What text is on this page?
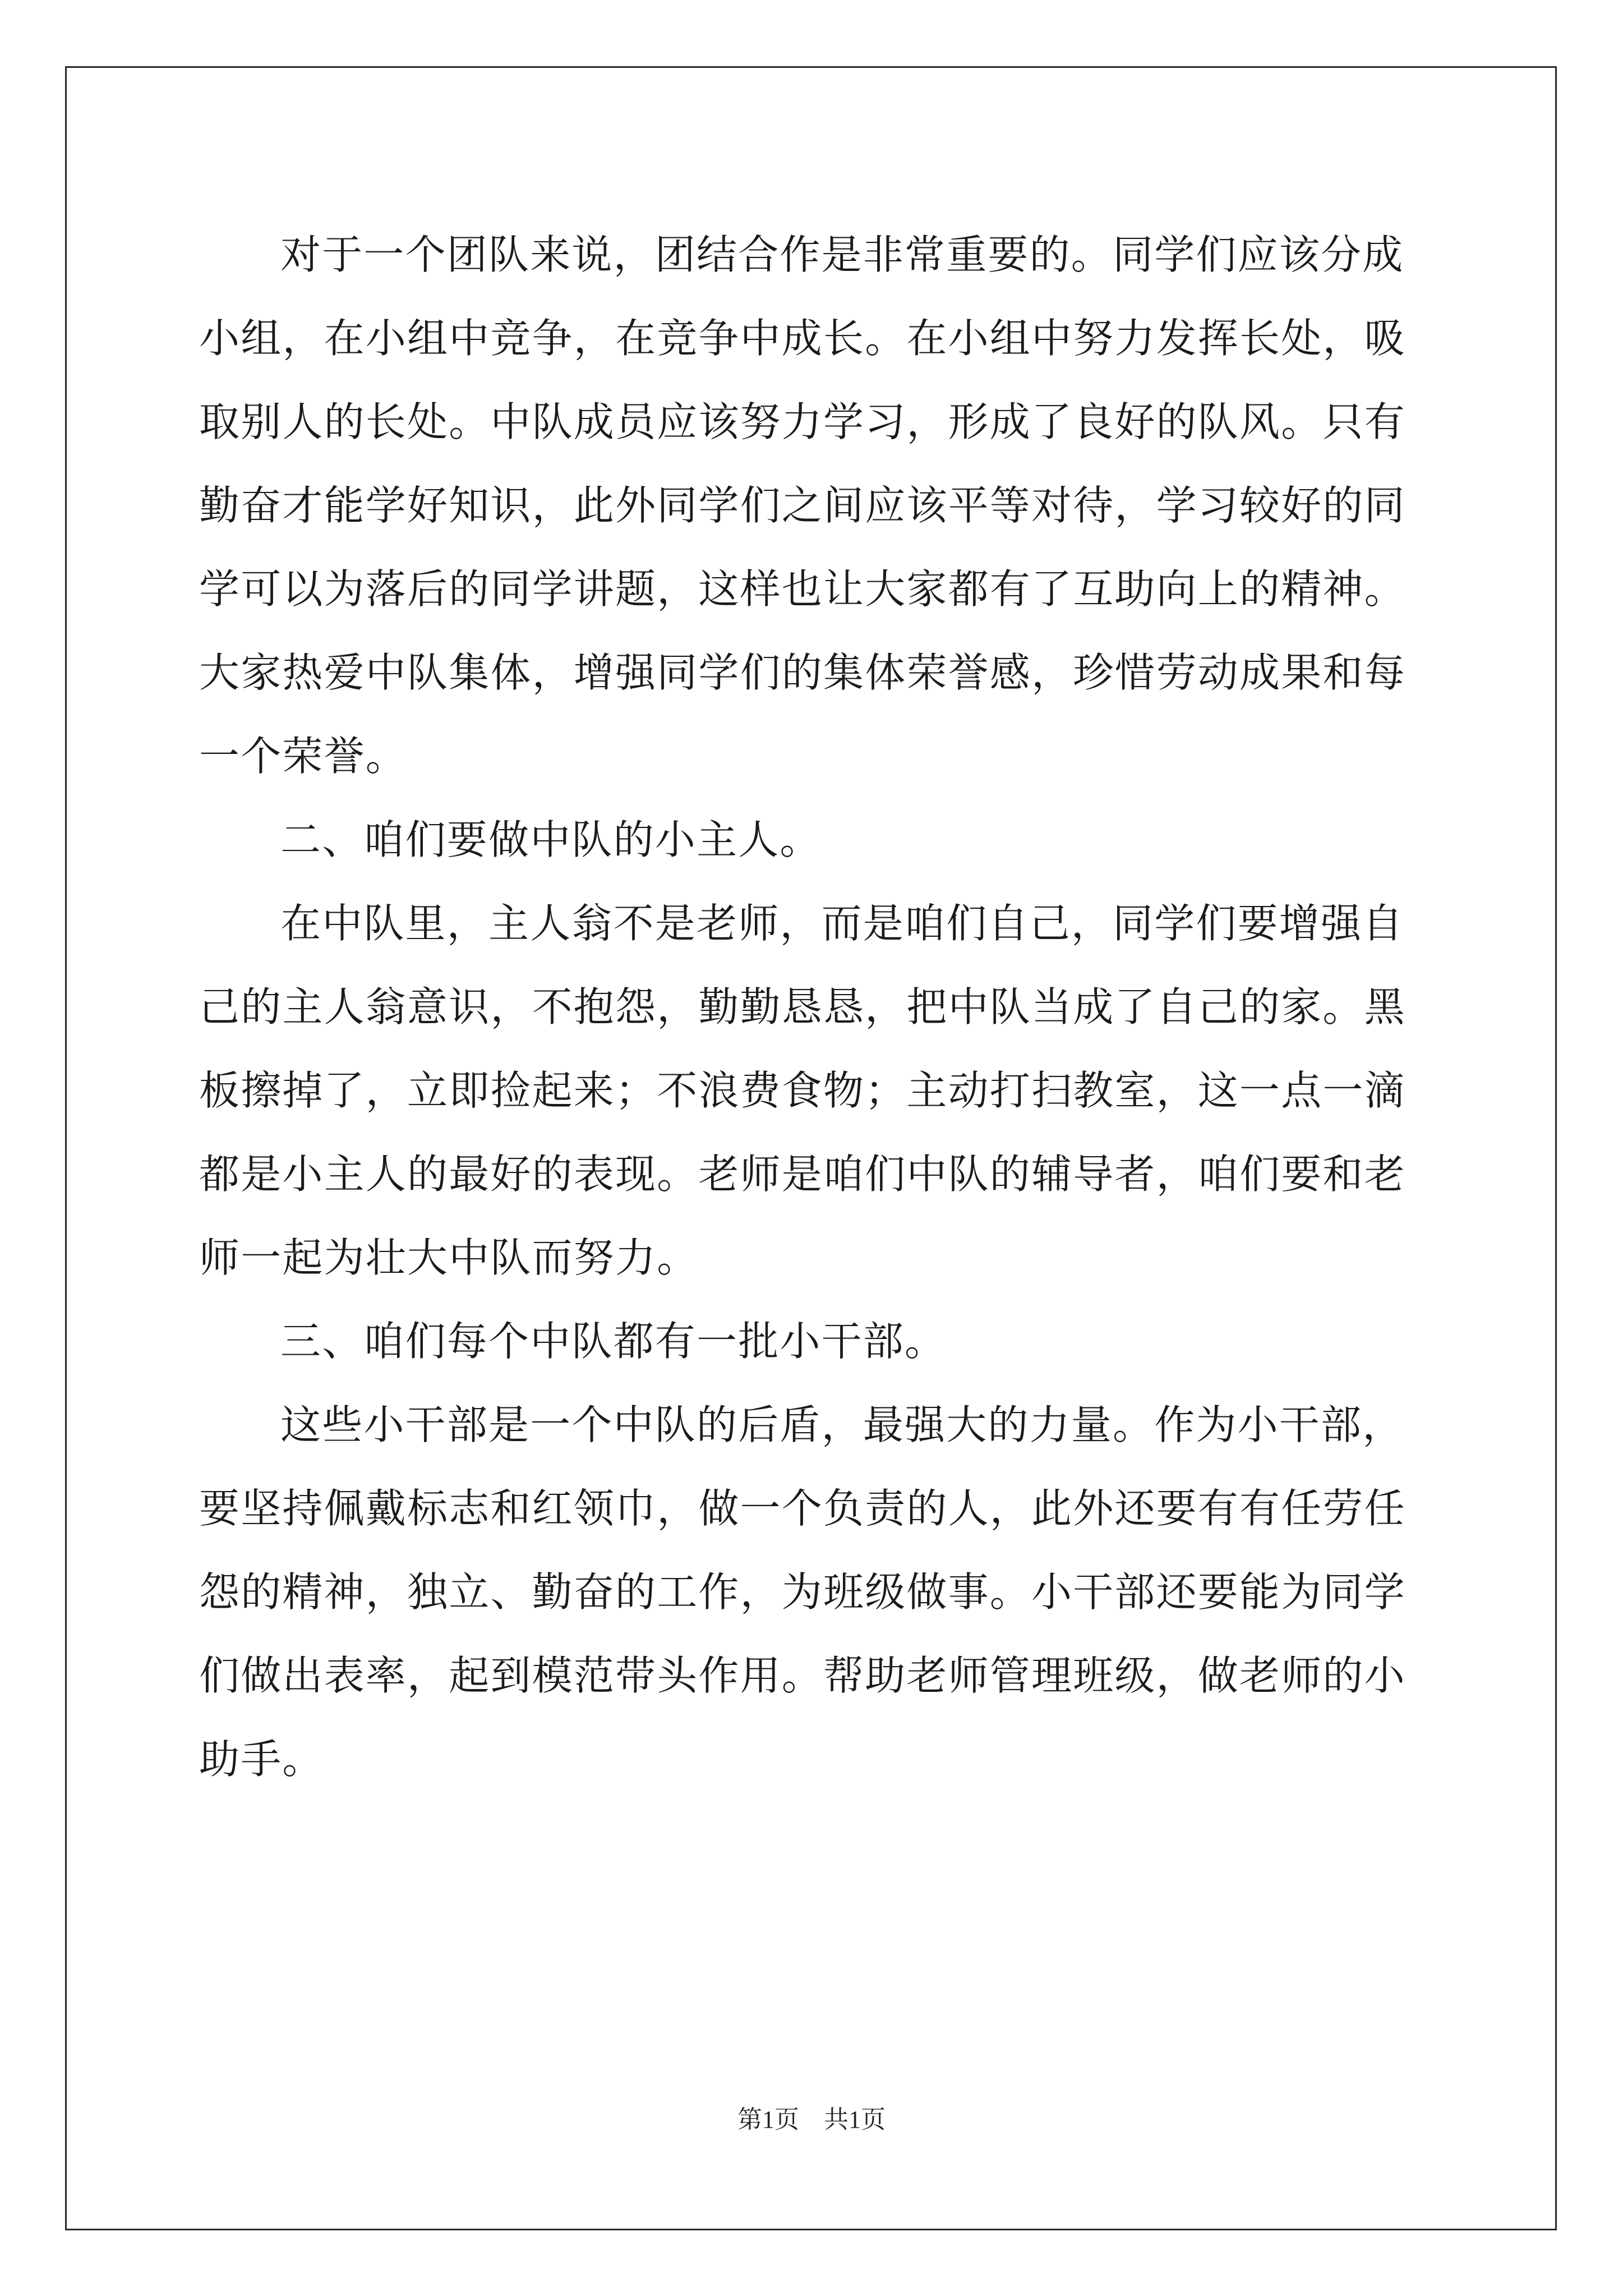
对于一个团队来说，团结合作是非常重要的。同学们应该分成小组，在小组中竞争，在竞争中成长。在小组中努力发挥长处，吸取别人的长处。中队成员应该努力学习，形成了良好的队风。只有勤奋才能学好知识，此外同学们之间应该平等对待，学习较好的同学可以为落后的同学讲题，这样也让大家都有了互助向上的精神。大家热爱中队集体，增强同学们的集体荣誉感，珍惜劳动成果和每一个荣誉。

二、咱们要做中队的小主人。

在中队里，主人翁不是老师，而是咱们自己，同学们要增强自己的主人翁意识，不抱怨，勤勤恳恳，把中队当成了自己的家。黑板擦掉了，立即捡起来；不浪费食物；主动打扫教室，这一点一滴都是小主人的最好的表现。老师是咱们中队的辅导者，咱们要和老师一起为壮大中队而努力。

三、咱们每个中队都有一批小干部。

这些小干部是一个中队的后盾，最强大的力量。作为小干部，要坚持佩戴标志和红领巾，做一个负责的人，此外还要有有任劳任怨的精神，独立、勤奋的工作，为班级做事。小干部还要能为同学们做出表率，起到模范带头作用。帮助老师管理班级，做老师的小助手。

第1页　共1页
